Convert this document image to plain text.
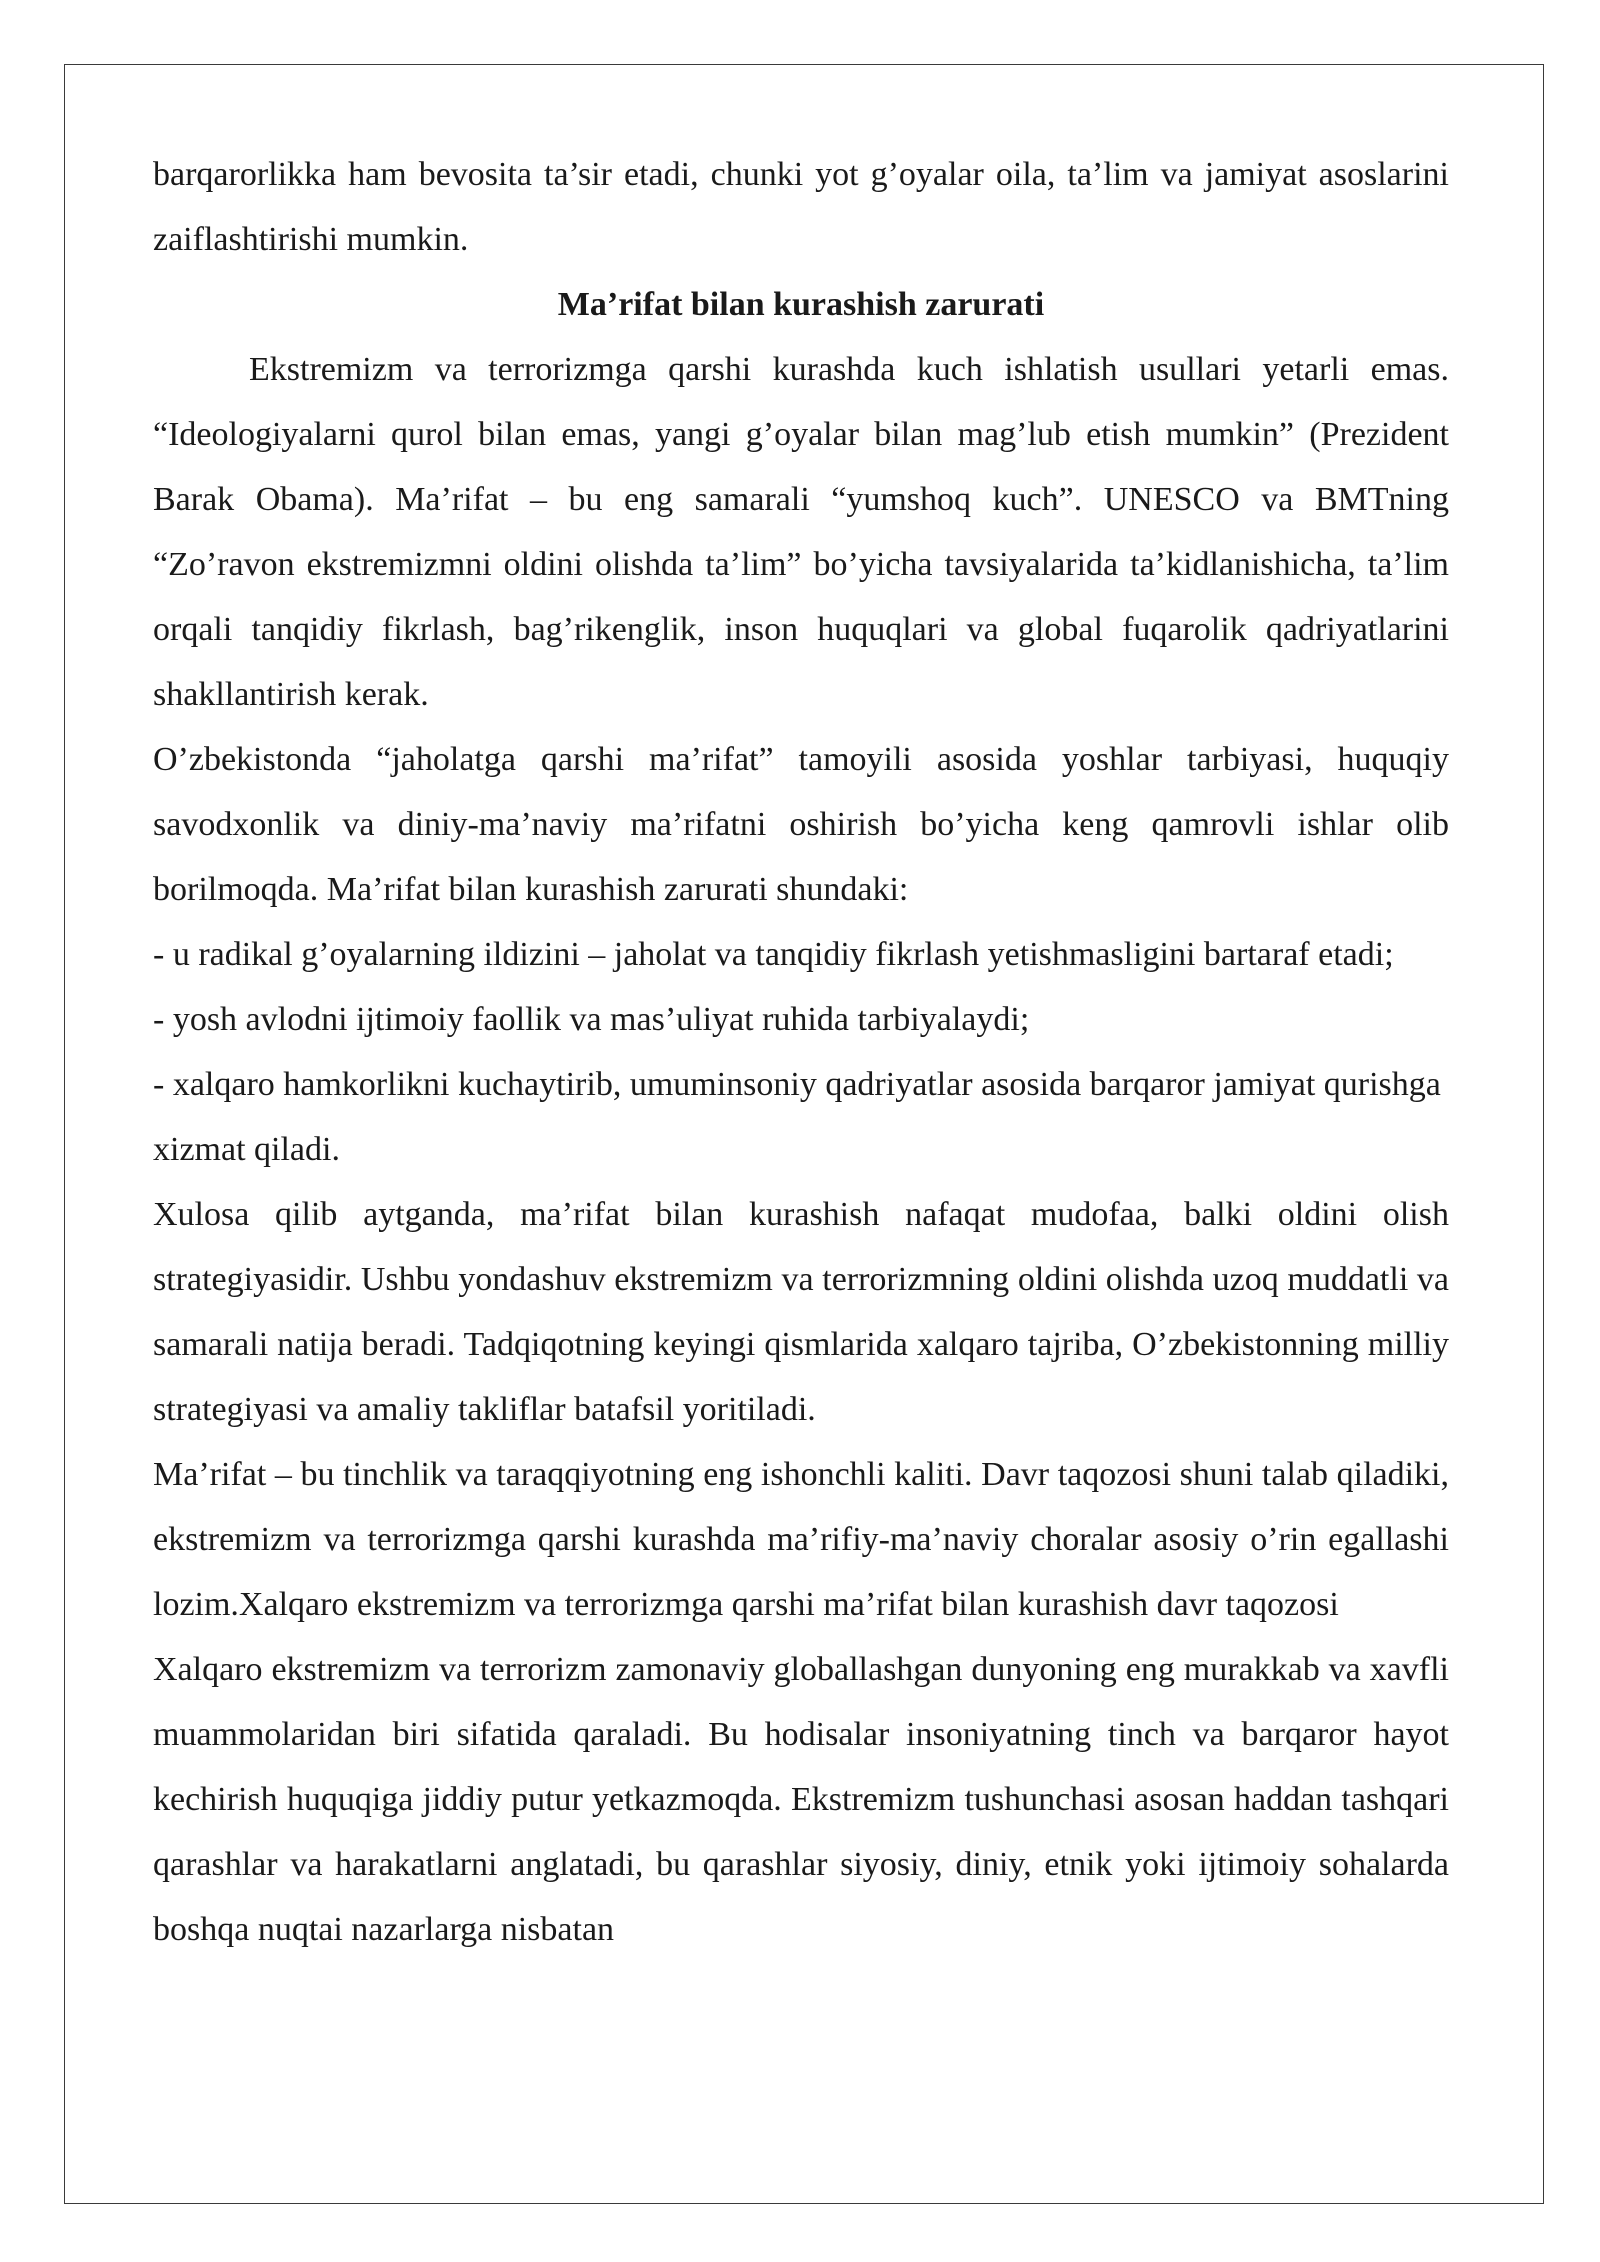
barqarorlikka ham bevosita ta’sir etadi, chunki yot g’oyalar oila, ta’lim va jamiyat asoslarini zaiflashtirishi mumkin.

Ma’rifat bilan kurashish zarurati

Ekstremizm va terrorizmga qarshi kurashda kuch ishlatish usullari yetarli emas. “Ideologiyalarni qurol bilan emas, yangi g’oyalar bilan mag’lub etish mumkin” (Prezident Barak Obama). Ma’rifat – bu eng samarali “yumshoq kuch”. UNESCO va BMTning “Zo’ravon ekstremizmni oldini olishda ta’lim” bo’yicha tavsiyalarida ta’kidlanishicha, ta’lim orqali tanqidiy fikrlash, bag’rikenglik, inson huquqlari va global fuqarolik qadriyatlarini shakllantirish kerak.

O’zbekistonda “jaholatga qarshi ma’rifat” tamoyili asosida yoshlar tarbiyasi, huquqiy savodxonlik va diniy-ma’naviy ma’rifatni oshirish bo’yicha keng qamrovli ishlar olib borilmoqda. Ma’rifat bilan kurashish zarurati shundaki:

- u radikal g’oyalarning ildizini – jaholat va tanqidiy fikrlash yetishmasligini bartaraf etadi;

- yosh avlodni ijtimoiy faollik va mas’uliyat ruhida tarbiyalaydi;

- xalqaro hamkorlikni kuchaytirib, umuminsoniy qadriyatlar asosida barqaror jamiyat qurishga xizmat qiladi.

Xulosa qilib aytganda, ma’rifat bilan kurashish nafaqat mudofaa, balki oldini olish strategiyasidir. Ushbu yondashuv ekstremizm va terrorizmning oldini olishda uzoq muddatli va samarali natija beradi. Tadqiqotning keyingi qismlarida xalqaro tajriba, O’zbekistonning milliy strategiyasi va amaliy takliflar batafsil yoritiladi.

Ma’rifat – bu tinchlik va taraqqiyotning eng ishonchli kaliti. Davr taqozosi shuni talab qiladiki, ekstremizm va terrorizmga qarshi kurashda ma’rifiy-ma’naviy choralar asosiy o’rin egallashi lozim.Xalqaro ekstremizm va terrorizmga qarshi ma’rifat bilan kurashish davr taqozosi

Xalqaro ekstremizm va terrorizm zamonaviy globallashgan dunyoning eng murakkab va xavfli muammolaridan biri sifatida qaraladi. Bu hodisalar insoniyatning tinch va barqaror hayot kechirish huquqiga jiddiy putur yetkazmoqda. Ekstremizm tushunchasi asosan haddan tashqari qarashlar va harakatlarni anglatadi, bu qarashlar siyosiy, diniy, etnik yoki ijtimoiy sohalarda boshqa nuqtai nazarlarga nisbatan
